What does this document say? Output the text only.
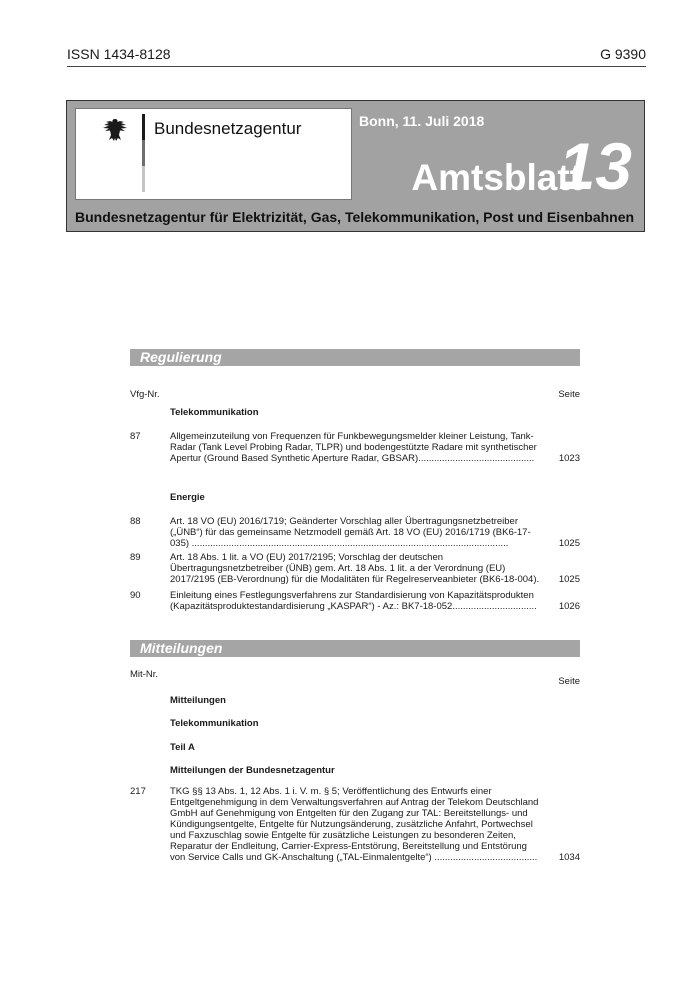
ISSN 1434-8128	G 9390
Bundesnetzagentur	Bonn, 11. Juli 2018
Amtsblatt
13
Bundesnetzagentur für Elektrizität, Gas, Telekommunikation, Post und Eisenbahnen
Regulierung
Vfg-Nr.	Seite
Telekommunikation
87	Allgemeinzuteilung von Frequenzen für Funkbewegungsmelder kleiner Leistung, Tank-
Radar (Tank Level Probing Radar, TLPR) und bodengestützte Radare mit synthetischer
Apertur (Ground Based Synthetic Aperture Radar, GBSAR)............................................	1023
Energie
88	Art. 18 VO (EU) 2016/1719; Geänderter Vorschlag aller Übertragungsnetzbetreiber
(„ÜNB“) für das gemeinsame Netzmodell gemäß Art. 18 VO (EU) 2016/1719 (BK6-17-
035) ........................................................................................................................	1025
89	Art. 18 Abs. 1 lit. a VO (EU) 2017/2195; Vorschlag der deutschen
Übertragungsnetzbetreiber (ÜNB) gem. Art. 18 Abs. 1 lit. a der Verordnung (EU)
2017/2195 (EB-Verordnung) für die Modalitäten für Regelreserveanbieter (BK6-18-004).	1025
90	Einleitung eines Festlegungsverfahrens zur Standardisierung von Kapazitätsprodukten
(Kapazitätsproduktestandardisierung „KASPAR“) - Az.: BK7-18-052................................	1026
Mitteilungen
Mit-Nr.
Seite
Mitteilungen
Telekommunikation
Teil A
Mitteilungen der Bundesnetzagentur
217	TKG §§ 13 Abs. 1, 12 Abs. 1 i. V. m. § 5; Veröffentlichung des Entwurfs einer
Entgeltgenehmigung in dem Verwaltungsverfahren auf Antrag der Telekom Deutschland
GmbH auf Genehmigung von Entgelten für den Zugang zur TAL: Bereitstellungs- und
Kündigungsentgelte, Entgelte für Nutzungsänderung, zusätzliche Anfahrt, Portwechsel
und Faxzuschlag sowie Entgelte für zusätzliche Leistungen zu besonderen Zeiten,
Reparatur der Endleitung, Carrier-Express-Entstörung, Bereitstellung und Entstörung
von Service Calls und GK-Anschaltung („TAL-Einmalentgelte“) .......................................	1034
